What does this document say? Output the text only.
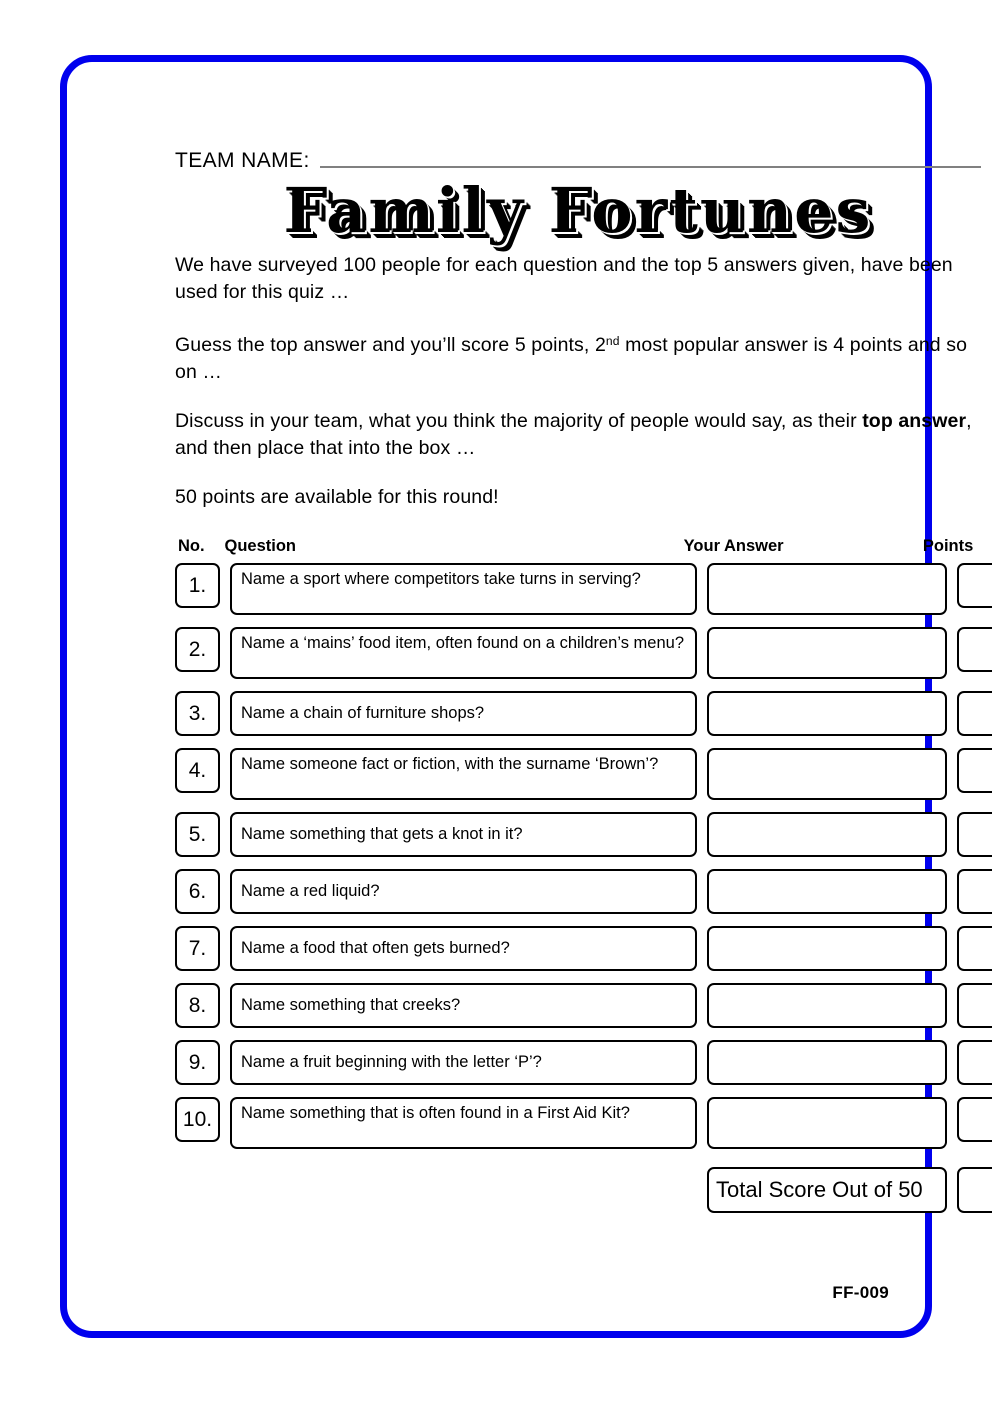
TEAM NAME:
Family Fortunes

We have surveyed 100 people for each question and the top 5 answers given, have been used for this quiz …

Guess the top answer and you’ll score 5 points, 2nd most popular answer is 4 points and so on …

Discuss in your team, what you think the majority of people would say, as their top answer, and then place that into the box …

50 points are available for this round!

No.	Question	Your Answer	Points
1.	Name a sport where competitors take turns in serving?
2.	Name a ‘mains’ food item, often found on a children’s menu?
3.	Name a chain of furniture shops?
4.	Name someone fact or fiction, with the surname ‘Brown’?
5.	Name something that gets a knot in it?
6.	Name a red liquid?
7.	Name a food that often gets burned?
8.	Name something that creeks?
9.	Name a fruit beginning with the letter ‘P’?
10.	Name something that is often found in a First Aid Kit?
Total Score Out of 50
FF-009
